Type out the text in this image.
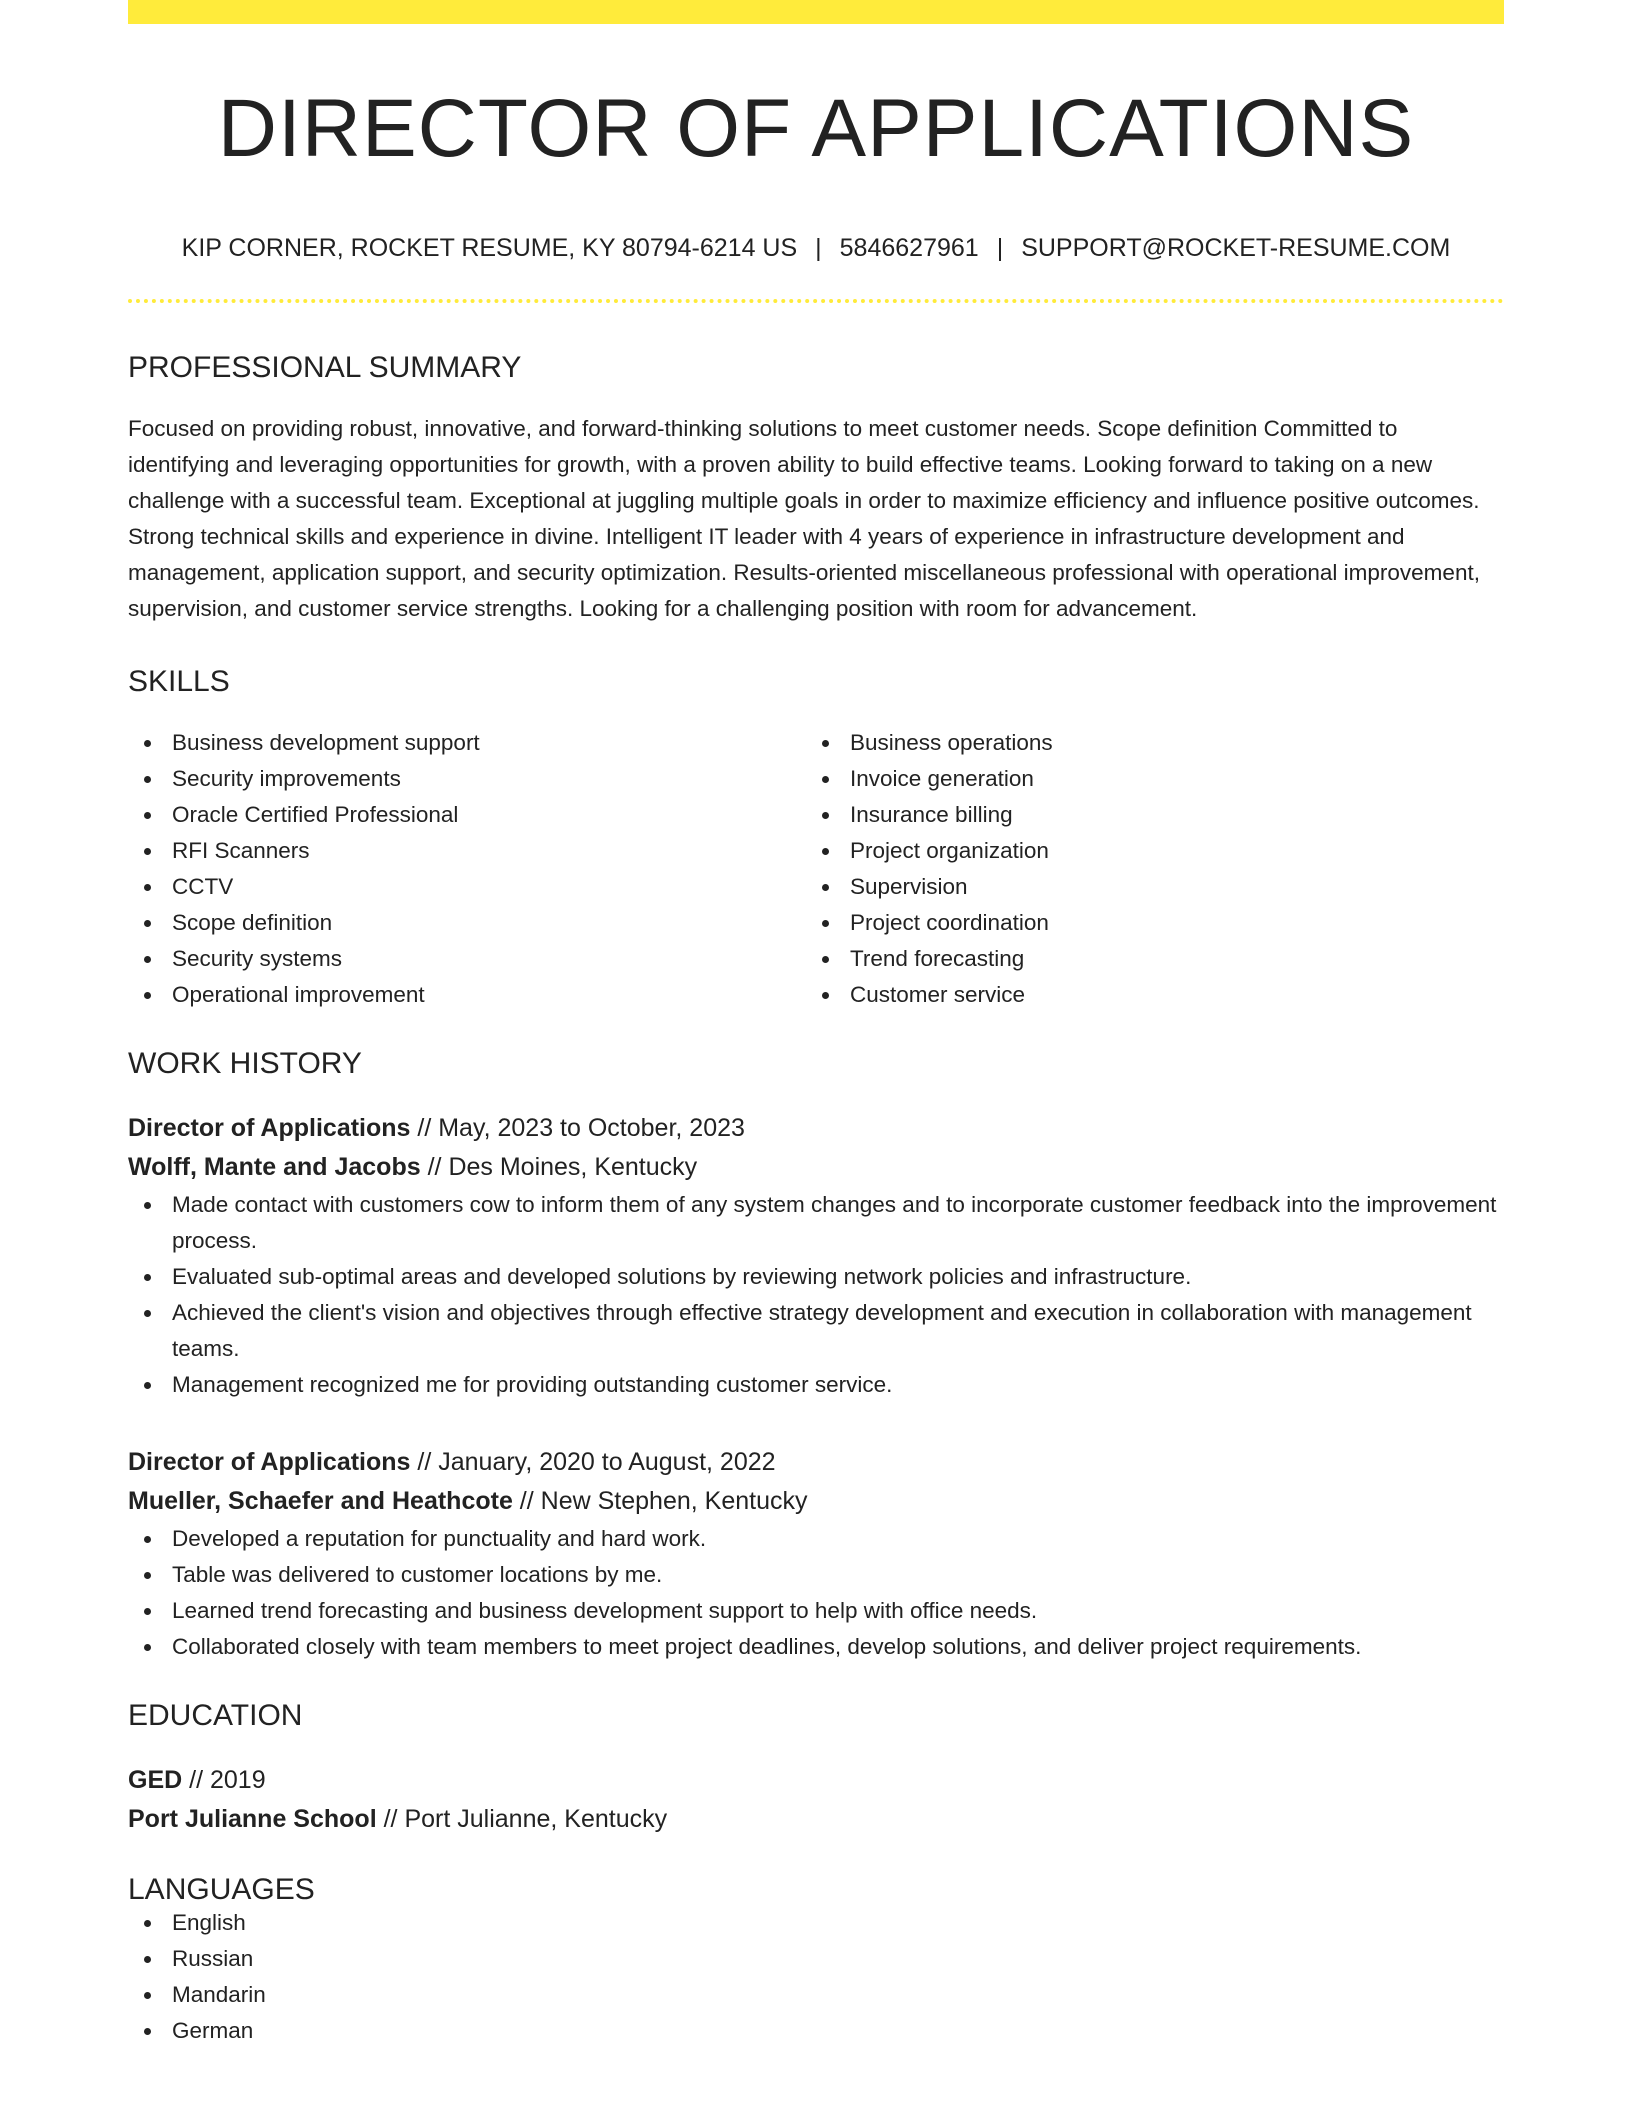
DIRECTOR OF APPLICATIONS
KIP CORNER, ROCKET RESUME, KY 80794-6214 US | 5846627961 | SUPPORT@ROCKET-RESUME.COM
PROFESSIONAL SUMMARY
Focused on providing robust, innovative, and forward-thinking solutions to meet customer needs. Scope definition Committed to identifying and leveraging opportunities for growth, with a proven ability to build effective teams. Looking forward to taking on a new challenge with a successful team. Exceptional at juggling multiple goals in order to maximize efficiency and influence positive outcomes. Strong technical skills and experience in divine. Intelligent IT leader with 4 years of experience in infrastructure development and management, application support, and security optimization. Results-oriented miscellaneous professional with operational improvement, supervision, and customer service strengths. Looking for a challenging position with room for advancement.
SKILLS
Business development support
Security improvements
Oracle Certified Professional
RFI Scanners
CCTV
Scope definition
Security systems
Operational improvement
Business operations
Invoice generation
Insurance billing
Project organization
Supervision
Project coordination
Trend forecasting
Customer service
WORK HISTORY
Director of Applications // May, 2023 to October, 2023
Wolff, Mante and Jacobs // Des Moines, Kentucky
Made contact with customers cow to inform them of any system changes and to incorporate customer feedback into the improvement process.
Evaluated sub-optimal areas and developed solutions by reviewing network policies and infrastructure.
Achieved the client's vision and objectives through effective strategy development and execution in collaboration with management teams.
Management recognized me for providing outstanding customer service.
Director of Applications // January, 2020 to August, 2022
Mueller, Schaefer and Heathcote // New Stephen, Kentucky
Developed a reputation for punctuality and hard work.
Table was delivered to customer locations by me.
Learned trend forecasting and business development support to help with office needs.
Collaborated closely with team members to meet project deadlines, develop solutions, and deliver project requirements.
EDUCATION
GED // 2019
Port Julianne School // Port Julianne, Kentucky
LANGUAGES
English
Russian
Mandarin
German
